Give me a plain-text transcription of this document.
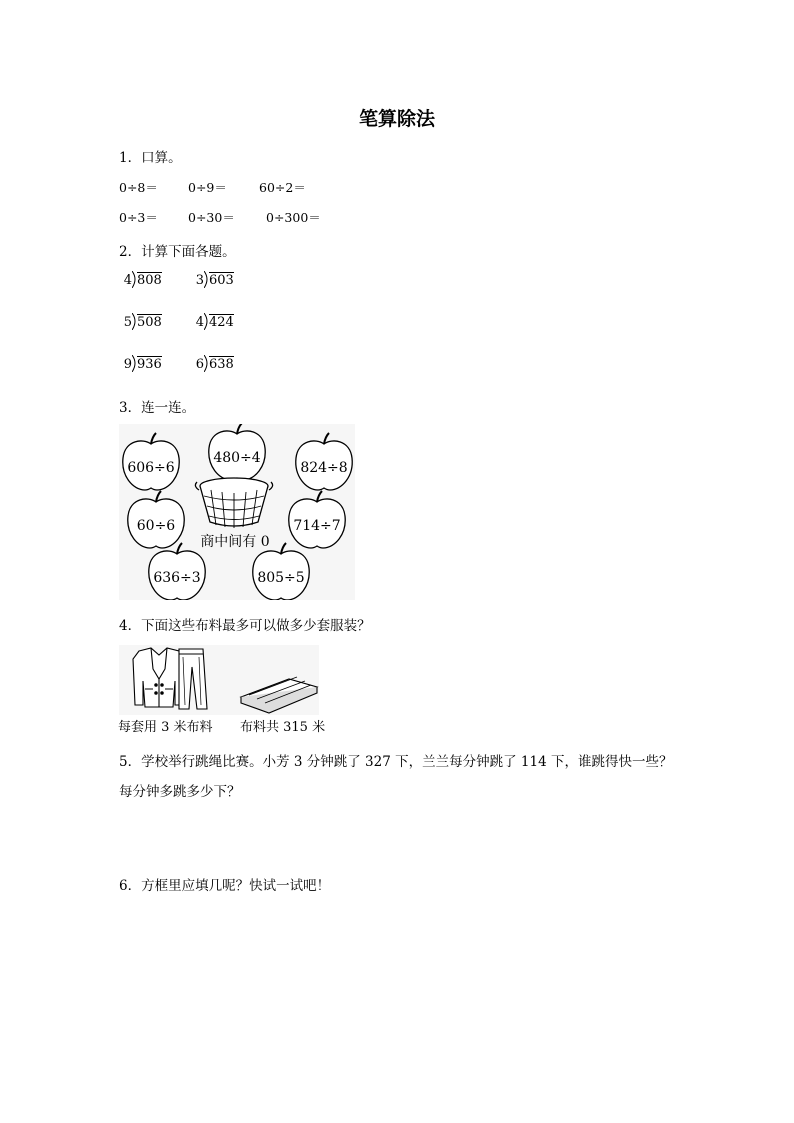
笔算除法
1．口算。
0÷8＝ 0÷9＝	60÷2＝
0÷3＝ 0÷30＝ 0÷300＝
2．计算下面各题。
4 808	3 603
5 508	4 424
9 936	6 638
3．连一连。
606÷6
480÷4
824÷8
60÷6	714÷7
636÷3	805÷5
商中间有 0
4．下面这些布料最多可以做多少套服装？
每套用 3 米布料 布料共 315 米
5．学校举行跳绳比赛。小芳 3 分钟跳了 327 下，兰兰每分钟跳了 114 下，谁跳得快一些？
每分钟多跳多少下？
6．方框里应填几呢？快试一试吧！
